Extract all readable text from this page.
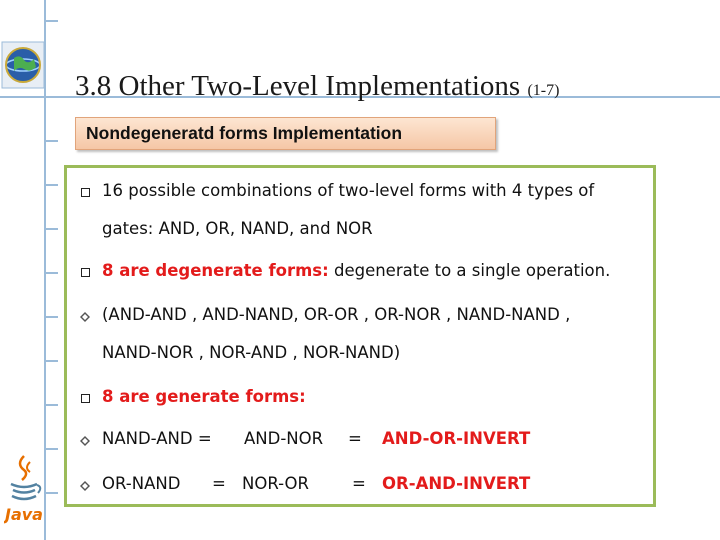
Java
3.8 Other Two-Level Implementations (1-7)
Nondegeneratd forms Implementation
16 possible combinations of two-level forms with 4 types of
gates: AND, OR, NAND, and NOR
8 are degenerate forms: degenerate to a single operation.
(AND-AND , AND-NAND, OR-OR , OR-NOR , NAND-NAND ,
NAND-NOR , NOR-AND , NOR-NAND)
8 are generate forms:
NAND-AND = AND-NOR = AND-OR-INVERT
OR-NAND = NOR-OR	= OR-AND-INVERT
